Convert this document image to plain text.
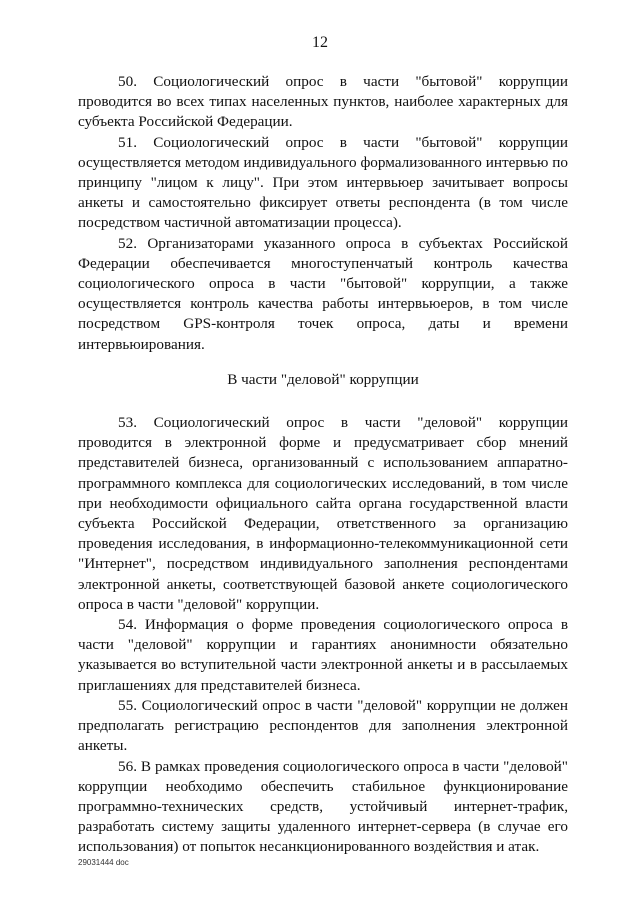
12

50. Социологический опрос в части "бытовой" коррупции проводится во всех типах населенных пунктов, наиболее характерных для субъекта Российской Федерации.

51. Социологический опрос в части "бытовой" коррупции осуществляется методом индивидуального формализованного интервью по принципу "лицом к лицу". При этом интервьюер зачитывает вопросы анкеты и самостоятельно фиксирует ответы респондента (в том числе посредством частичной автоматизации процесса).

52. Организаторами указанного опроса в субъектах Российской Федерации обеспечивается многоступенчатый контроль качества социологического опроса в части "бытовой" коррупции, а также осуществляется контроль качества работы интервьюеров, в том числе посредством GPS-контроля точек опроса, даты и времени интервьюирования.

В части "деловой" коррупции

53. Социологический опрос в части "деловой" коррупции проводится в электронной форме и предусматривает сбор мнений представителей бизнеса, организованный с использованием аппаратно-программного комплекса для социологических исследований, в том числе при необходимости официального сайта органа государственной власти субъекта Российской Федерации, ответственного за организацию проведения исследования, в информационно-телекоммуникационной сети "Интернет", посредством индивидуального заполнения респондентами электронной анкеты, соответствующей базовой анкете социологического опроса в части "деловой" коррупции.

54. Информация о форме проведения социологического опроса в части "деловой" коррупции и гарантиях анонимности обязательно указывается во вступительной части электронной анкеты и в рассылаемых приглашениях для представителей бизнеса.

55. Социологический опрос в части "деловой" коррупции не должен предполагать регистрацию респондентов для заполнения электронной анкеты.

56. В рамках проведения социологического опроса в части "деловой" коррупции необходимо обеспечить стабильное функционирование программно-технических средств, устойчивый интернет-трафик, разработать систему защиты удаленного интернет-сервера (в случае его использования) от попыток несанкционированного воздействия и атак.

29031444 doc
